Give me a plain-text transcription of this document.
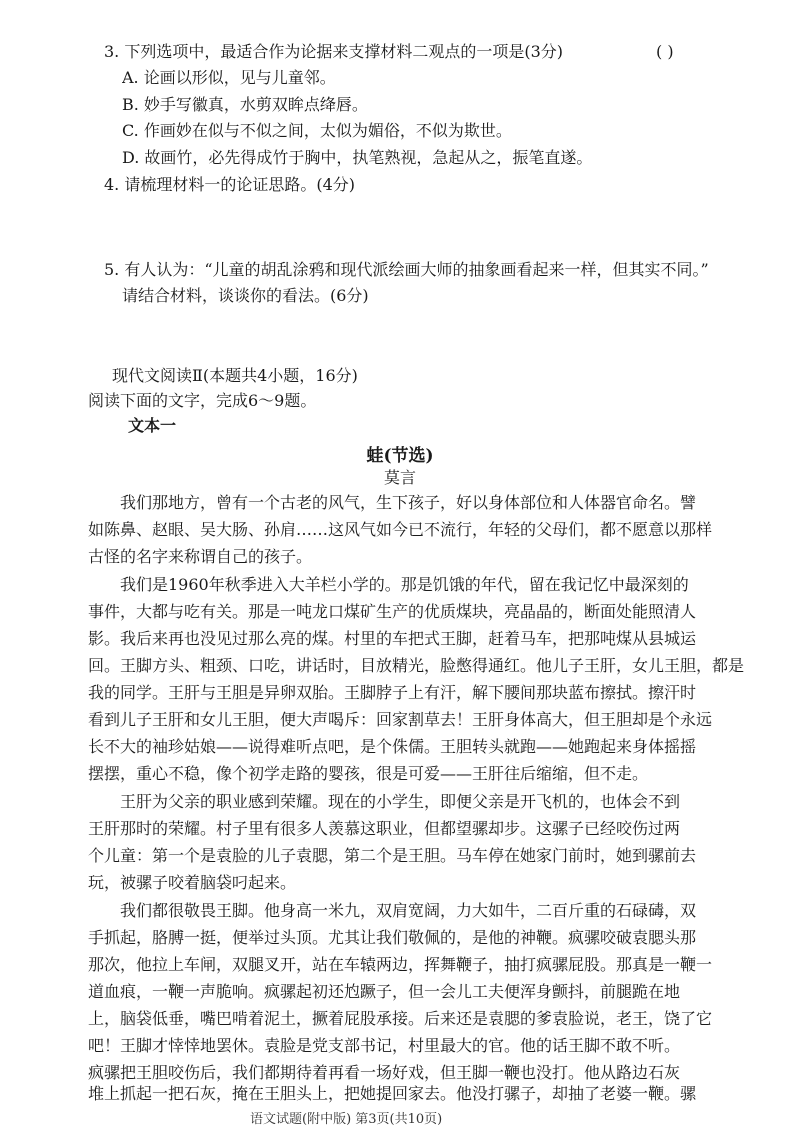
3. 下列选项中，最适合作为论据来支撑材料二观点的一项是(3分)	( )
A. 论画以形似，见与儿童邻。
B. 妙手写徽真，水剪双眸点绛唇。
C. 作画妙在似与不似之间，太似为媚俗，不似为欺世。
D. 故画竹，必先得成竹于胸中，执笔熟视，急起从之，振笔直遂。
4. 请梳理材料一的论证思路。(4分)
5. 有人认为：“儿童的胡乱涂鸦和现代派绘画大师的抽象画看起来一样，但其实不同。”
请结合材料，谈谈你的看法。(6分)
现代文阅读Ⅱ(本题共4小题，16分)
阅读下面的文字，完成6～9题。
文本一
蛙(节选)
莫言
我们那地方，曾有一个古老的风气，生下孩子，好以身体部位和人体器官命名。譬
如陈鼻、赵眼、吴大肠、孙肩……这风气如今已不流行，年轻的父母们，都不愿意以那样
古怪的名字来称谓自己的孩子。
我们是1960年秋季进入大羊栏小学的。那是饥饿的年代，留在我记忆中最深刻的
事件，大都与吃有关。那是一吨龙口煤矿生产的优质煤块，亮晶晶的，断面处能照清人
影。我后来再也没见过那么亮的煤。村里的车把式王脚，赶着马车，把那吨煤从县城运
回。王脚方头、粗颈、口吃，讲话时，目放精光，脸憋得通红。他儿子王肝，女儿王胆，都是
我的同学。王肝与王胆是异卵双胎。王脚脖子上有汗，解下腰间那块蓝布擦拭。擦汗时
看到儿子王肝和女儿王胆，便大声喝斥：回家割草去！王肝身体高大，但王胆却是个永远
长不大的袖珍姑娘——说得难听点吧，是个侏儒。王胆转头就跑——她跑起来身体摇摇
摆摆，重心不稳，像个初学走路的婴孩，很是可爱——王肝往后缩缩，但不走。
王肝为父亲的职业感到荣耀。现在的小学生，即便父亲是开飞机的，也体会不到
王肝那时的荣耀。村子里有很多人羡慕这职业，但都望骡却步。这骡子已经咬伤过两
个儿童：第一个是袁脸的儿子袁腮，第二个是王胆。马车停在她家门前时，她到骡前去
玩，被骡子咬着脑袋叼起来。
我们都很敬畏王脚。他身高一米九，双肩宽阔，力大如牛，二百斤重的石碌碡，双
手抓起，胳膊一挺，便举过头顶。尤其让我们敬佩的，是他的神鞭。疯骡咬破袁腮头那
那次，他拉上车闸，双腿叉开，站在车辕两边，挥舞鞭子，抽打疯骡屁股。那真是一鞭一
道血痕，一鞭一声脆响。疯骡起初还尥蹶子，但一会儿工夫便浑身颤抖，前腿跪在地
上，脑袋低垂，嘴巴啃着泥土，撅着屁股承接。后来还是袁腮的爹袁脸说，老王，饶了它
吧！王脚才悻悻地罢休。袁脸是党支部书记，村里最大的官。他的话王脚不敢不听。
疯骡把王胆咬伤后，我们都期待着再看一场好戏，但王脚一鞭也没打。他从路边石灰
堆上抓起一把石灰，掩在王胆头上，把她提回家去。他没打骡子，却抽了老婆一鞭。骡
语文试题(附中版) 第3页(共10页)
